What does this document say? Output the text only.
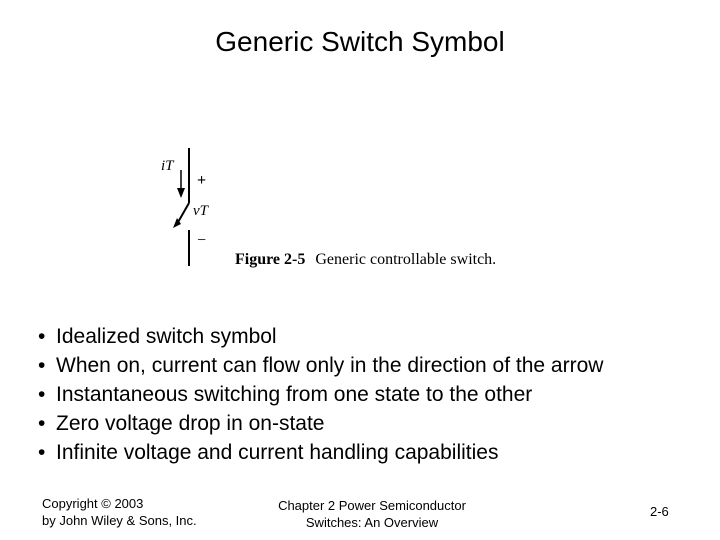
Generic Switch Symbol
iT
+
vT
−
Figure 2-5 Generic controllable switch.
• Idealized switch symbol
• When on, current can flow only in the direction of the arrow
• Instantaneous switching from one state to the other
• Zero voltage drop in on-state
• Infinite voltage and current handling capabilities
Copyright © 2003
by John Wiley & Sons, Inc.
Chapter 2 Power Semiconductor
Switches: An Overview
2-6
